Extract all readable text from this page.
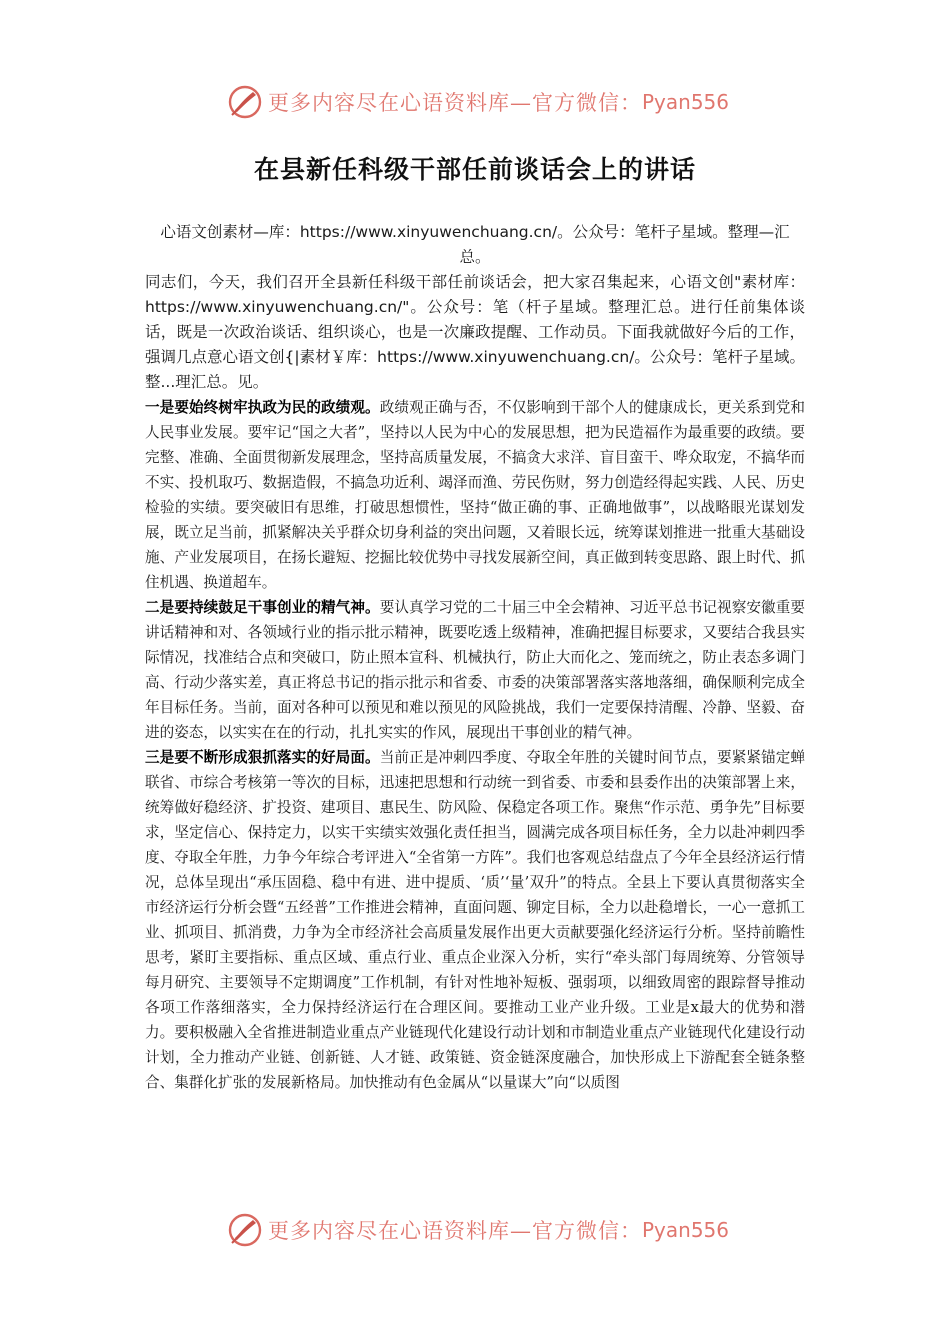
更多内容尽在心语资料库—官方微信： Pyan556
在县新任科级干部任前谈话会上的讲话

心语文创素材—库：https://www.xinyuwenchuang.cn/。公众号：笔杆子星域。整理—汇总。

同志们，今天，我们召开全县新任科级干部任前谈话会，把大家召集起来，心语文创"素材库：https://www.xinyuwenchuang.cn/"。公众号：笔（杆子星域。整理汇总。进行任前集体谈话，既是一次政治谈话、组织谈心，也是一次廉政提醒、工作动员。下面我就做好今后的工作，强调几点意心语文创{|素材￥库：https://www.xinyuwenchuang.cn/。公众号：笔杆子星域。整...理汇总。见。

一是要始终树牢执政为民的政绩观。政绩观正确与否，不仅影响到干部个人的健康成长，更关系到党和人民事业发展。要牢记“国之大者”，坚持以人民为中心的发展思想，把为民造福作为最重要的政绩。要完整、准确、全面贯彻新发展理念，坚持高质量发展，不搞贪大求洋、盲目蛮干、哗众取宠，不搞华而不实、投机取巧、数据造假，不搞急功近利、竭泽而渔、劳民伤财，努力创造经得起实践、人民、历史检验的实绩。要突破旧有思维，打破思想惯性，坚持“做正确的事、正确地做事”，以战略眼光谋划发展，既立足当前，抓紧解决关乎群众切身利益的突出问题，又着眼长远，统筹谋划推进一批重大基础设施、产业发展项目，在扬长避短、挖掘比较优势中寻找发展新空间，真正做到转变思路、跟上时代、抓住机遇、换道超车。

二是要持续鼓足干事创业的精气神。要认真学习党的二十届三中全会精神、习近平总书记视察安徽重要讲话精神和对、各领域行业的指示批示精神，既要吃透上级精神，准确把握目标要求，又要结合我县实际情况，找准结合点和突破口，防止照本宣科、机械执行，防止大而化之、笼而统之，防止表态多调门高、行动少落实差，真正将总书记的指示批示和省委、市委的决策部署落实落地落细，确保顺利完成全年目标任务。当前，面对各种可以预见和难以预见的风险挑战，我们一定要保持清醒、冷静、坚毅、奋进的姿态，以实实在在的行动，扎扎实实的作风，展现出干事创业的精气神。

三是要不断形成狠抓落实的好局面。当前正是冲刺四季度、夺取全年胜的关键时间节点，要紧紧锚定蝉联省、市综合考核第一等次的目标，迅速把思想和行动统一到省委、市委和县委作出的决策部署上来，统筹做好稳经济、扩投资、建项目、惠民生、防风险、保稳定各项工作。聚焦“作示范、勇争先”目标要求，坚定信心、保持定力，以实干实绩实效强化责任担当，圆满完成各项目标任务，全力以赴冲刺四季度、夺取全年胜，力争今年综合考评进入“全省第一方阵”。我们也客观总结盘点了今年全县经济运行情况，总体呈现出“承压固稳、稳中有进、进中提质、‘质’‘量’双升”的特点。全县上下要认真贯彻落实全市经济运行分析会暨“五经普”工作推进会精神，直面问题、铆定目标，全力以赴稳增长，一心一意抓工业、抓项目、抓消费，力争为全市经济社会高质量发展作出更大贡献要强化经济运行分析。坚持前瞻性思考，紧盯主要指标、重点区域、重点行业、重点企业深入分析，实行“牵头部门每周统筹、分管领导每月研究、主要领导不定期调度”工作机制，有针对性地补短板、强弱项，以细致周密的跟踪督导推动各项工作落细落实，全力保持经济运行在合理区间。要推动工业产业升级。工业是x最大的优势和潜力。要积极融入全省推进制造业重点产业链现代化建设行动计划和市制造业重点产业链现代化建设行动计划，全力推动产业链、创新链、人才链、政策链、资金链深度融合，加快形成上下游配套全链条整合、集群化扩张的发展新格局。加快推动有色金属从“以量谋大”向“以质图

更多内容尽在心语资料库—官方微信： Pyan556
